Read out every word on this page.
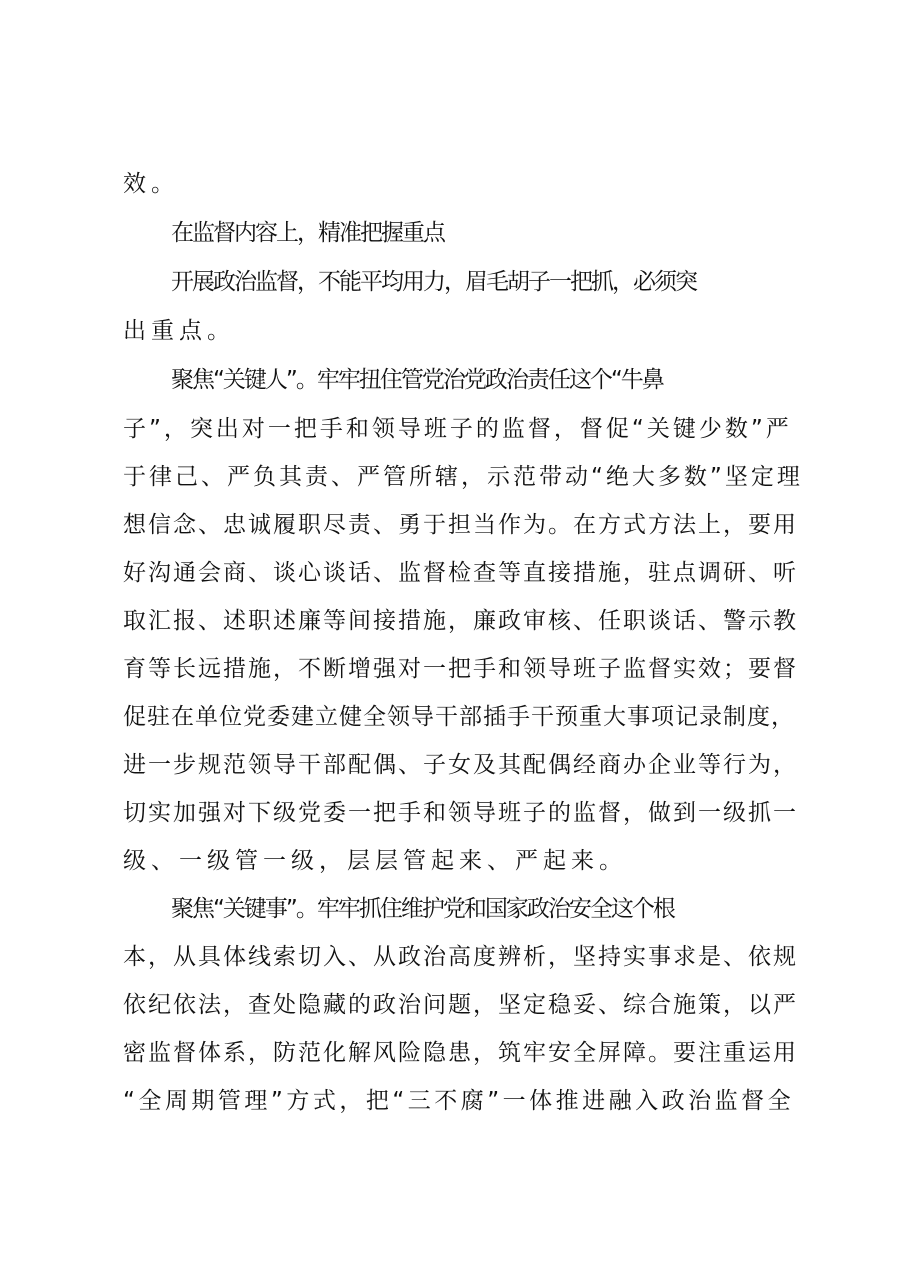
效。
在监督内容上，精准把握重点
开展政治监督，不能平均用力，眉毛胡子一把抓，必须突
出重点。
聚焦“关键人”。牢牢扭住管党治党政治责任这个“牛鼻
子”，突出对一把手和领导班子的监督，督促“关键少数”严
于律己、严负其责、严管所辖，示范带动“绝大多数”坚定理
想信念、忠诚履职尽责、勇于担当作为。在方式方法上，要用
好沟通会商、谈心谈话、监督检查等直接措施，驻点调研、听
取汇报、述职述廉等间接措施，廉政审核、任职谈话、警示教
育等长远措施，不断增强对一把手和领导班子监督实效；要督
促驻在单位党委建立健全领导干部插手干预重大事项记录制度，
进一步规范领导干部配偶、子女及其配偶经商办企业等行为，
切实加强对下级党委一把手和领导班子的监督，做到一级抓一
级、一级管一级，层层管起来、严起来。
聚焦“关键事”。牢牢抓住维护党和国家政治安全这个根
本，从具体线索切入、从政治高度辨析，坚持实事求是、依规
依纪依法，查处隐藏的政治问题，坚定稳妥、综合施策，以严
密监督体系，防范化解风险隐患，筑牢安全屏障。要注重运用
“全周期管理”方式，把“三不腐”一体推进融入政治监督全
